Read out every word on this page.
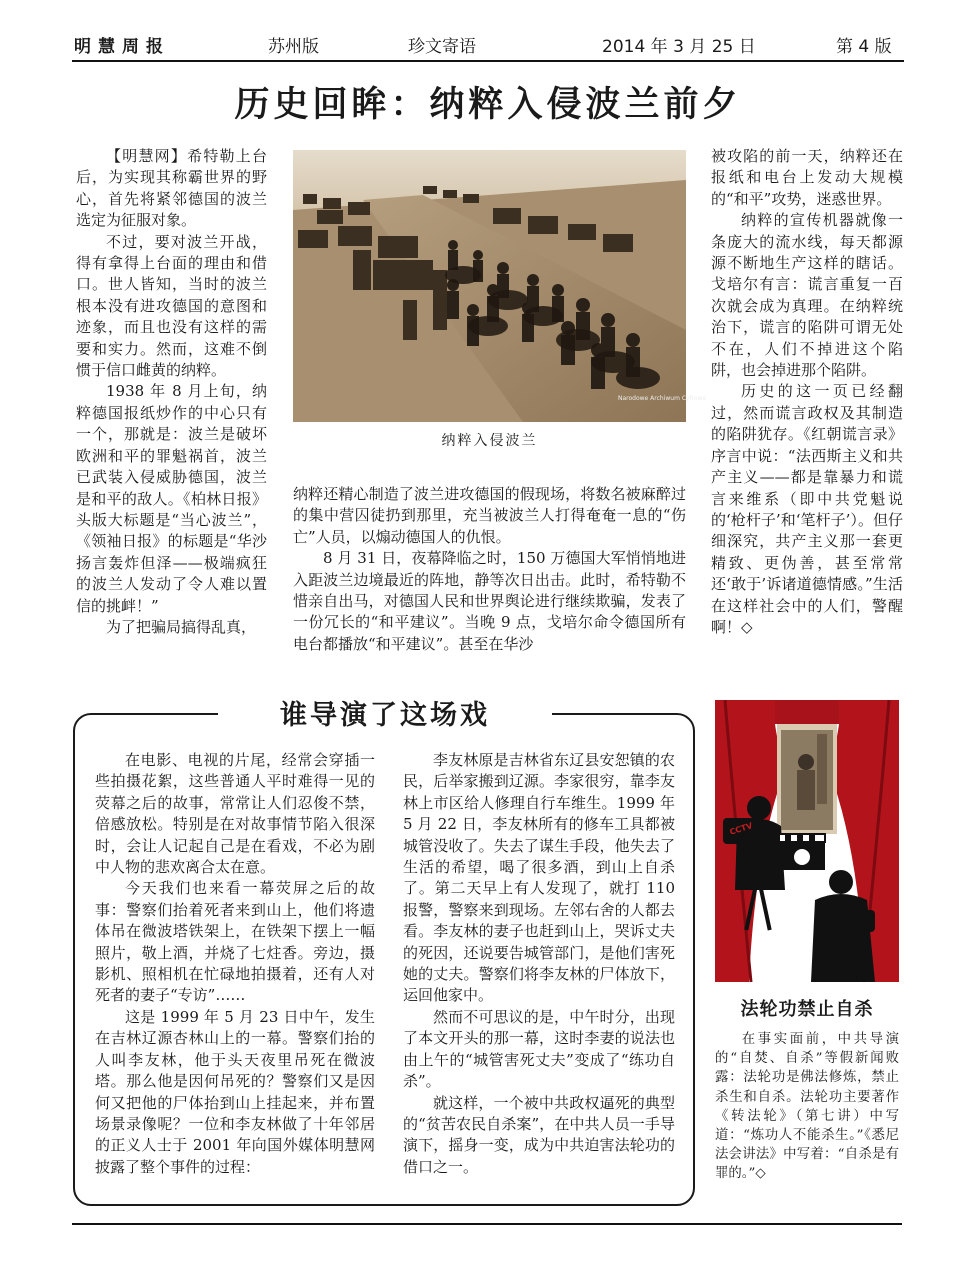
明慧周报	苏州版	珍文寄语	2014 年 3 月 25 日	第 4 版
历史回眸：纳粹入侵波兰前夕

【明慧网】希特勒上台后，为实现其称霸世界的野心，首先将紧邻德国的波兰选定为征服对象。

不过，要对波兰开战，得有拿得上台面的理由和借口。世人皆知，当时的波兰根本没有进攻德国的意图和迹象，而且也没有这样的需要和实力。然而，这难不倒惯于信口雌黄的纳粹。

1938 年 8 月上旬，纳粹德国报纸炒作的中心只有一个，那就是：波兰是破坏欧洲和平的罪魁祸首，波兰已武装入侵威胁德国，波兰是和平的敌人。《柏林日报》头版大标题是“当心波兰”，《领袖日报》的标题是“华沙扬言轰炸但泽——极端疯狂的波兰人发动了令人难以置信的挑衅！”

为了把骗局搞得乱真，

Narodowe Archiwum Cyfrowe
纳粹入侵波兰

纳粹还精心制造了波兰进攻德国的假现场，将数名被麻醉过的集中营囚徒扔到那里，充当被波兰人打得奄奄一息的“伤亡”人员，以煽动德国人的仇恨。

8 月 31 日，夜幕降临之时，150 万德国大军悄悄地进入距波兰边境最近的阵地，静等次日出击。此时，希特勒不惜亲自出马，对德国人民和世界舆论进行继续欺骗，发表了一份冗长的“和平建议”。当晚 9 点，戈培尔命令德国所有电台都播放“和平建议”。甚至在华沙

被攻陷的前一天，纳粹还在报纸和电台上发动大规模的“和平”攻势，迷惑世界。

纳粹的宣传机器就像一条庞大的流水线，每天都源源不断地生产这样的瞎话。戈培尔有言：谎言重复一百次就会成为真理。在纳粹统治下，谎言的陷阱可谓无处不在，人们不掉进这个陷阱，也会掉进那个陷阱。

历史的这一页已经翻过，然而谎言政权及其制造的陷阱犹存。《红朝谎言录》序言中说：“法西斯主义和共产主义——都是靠暴力和谎言来维系（即中共党魁说的‘枪杆子’和‘笔杆子’）。但仔细深究，共产主义那一套更精致、更伪善，甚至常常还‘敢于’诉诸道德情感。”生活在这样社会中的人们，警醒啊！◇

谁导演了这场戏

在电影、电视的片尾，经常会穿插一些拍摄花絮，这些普通人平时难得一见的荧幕之后的故事，常常让人们忍俊不禁，倍感放松。特别是在对故事情节陷入很深时，会让人记起自己是在看戏，不必为剧中人物的悲欢离合太在意。

今天我们也来看一幕荧屏之后的故事：警察们抬着死者来到山上，他们将遗体吊在微波塔铁架上，在铁架下摆上一幅照片，敬上酒，并烧了七炷香。旁边，摄影机、照相机在忙碌地拍摄着，还有人对死者的妻子“专访”……

这是 1999 年 5 月 23 日中午，发生在吉林辽源杏林山上的一幕。警察们抬的人叫李友林，他于头天夜里吊死在微波塔。那么他是因何吊死的？警察们又是因何又把他的尸体抬到山上挂起来，并布置场景录像呢？一位和李友林做了十年邻居的正义人士于 2001 年向国外媒体明慧网披露了整个事件的过程：

李友林原是吉林省东辽县安恕镇的农民，后举家搬到辽源。李家很穷，靠李友林上市区给人修理自行车维生。1999 年 5 月 22 日，李友林所有的修车工具都被城管没收了。失去了谋生手段，他失去了生活的希望，喝了很多酒，到山上自杀了。第二天早上有人发现了，就打 110 报警，警察来到现场。左邻右舍的人都去看。李友林的妻子也赶到山上，哭诉丈夫的死因，还说要告城管部门，是他们害死她的丈夫。警察们将李友林的尸体放下，运回他家中。

然而不可思议的是，中午时分，出现了本文开头的那一幕，这时李妻的说法也由上午的“城管害死丈夫”变成了“练功自杀”。

就这样，一个被中共政权逼死的典型的“贫苦农民自杀案”，在中共人员一手导演下，摇身一变，成为中共迫害法轮功的借口之一。

CCTV
法轮功禁止自杀

在事实面前，中共导演的“自焚、自杀”等假新闻败露：法轮功是佛法修炼，禁止杀生和自杀。法轮功主要著作《转法轮》（第七讲）中写道：“炼功人不能杀生。”《悉尼法会讲法》中写着：“自杀是有罪的。”◇
